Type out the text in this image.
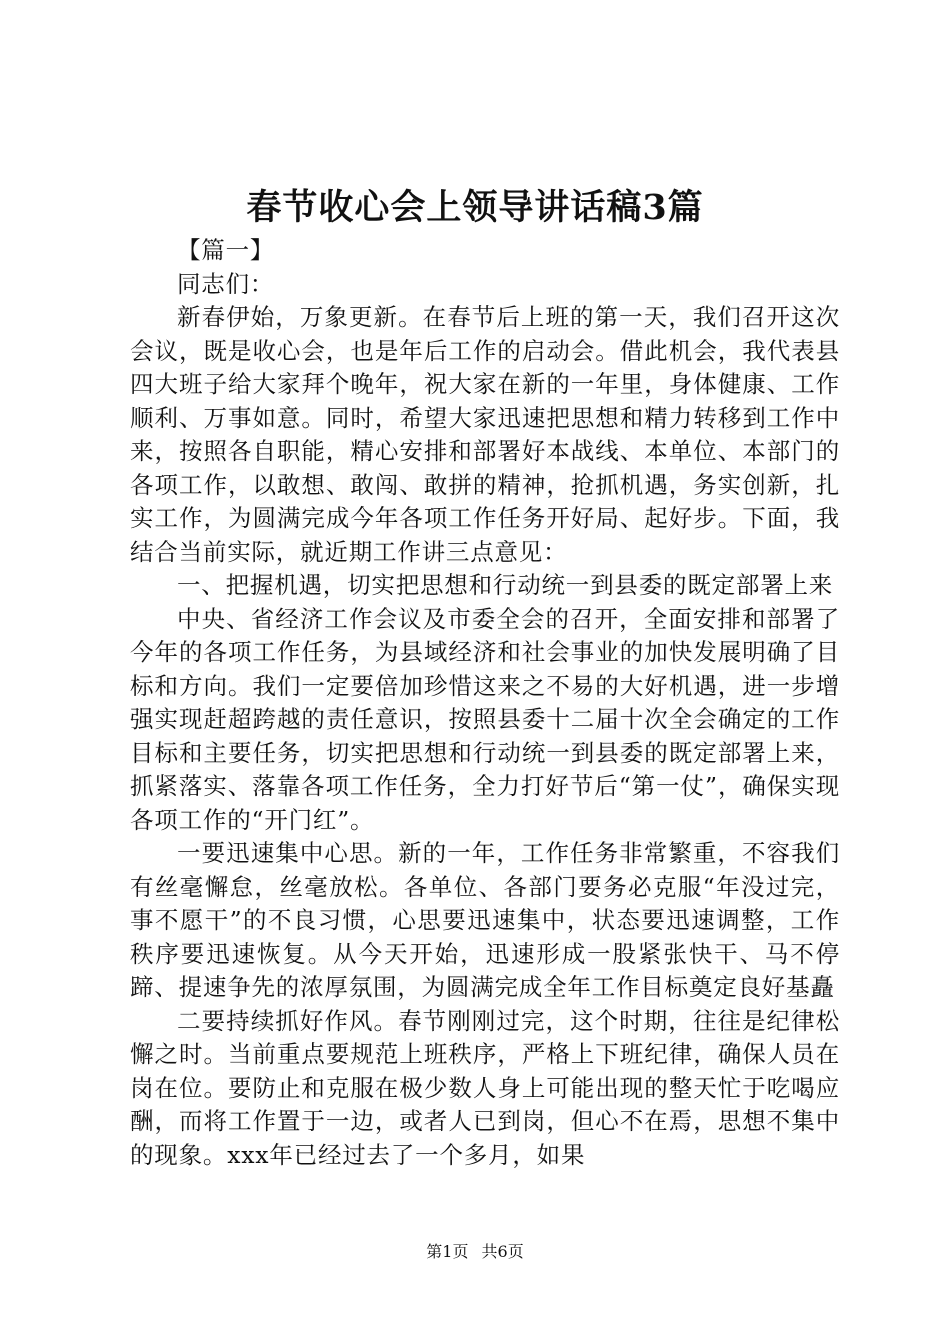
春节收心会上领导讲话稿3篇

【篇一】

同志们：

新春伊始，万象更新。在春节后上班的第一天，我们召开这次会议，既是收心会，也是年后工作的启动会。借此机会，我代表县四大班子给大家拜个晚年，祝大家在新的一年里，身体健康、工作顺利、万事如意。同时，希望大家迅速把思想和精力转移到工作中来，按照各自职能，精心安排和部署好本战线、本单位、本部门的各项工作，以敢想、敢闯、敢拼的精神，抢抓机遇，务实创新，扎实工作，为圆满完成今年各项工作任务开好局、起好步。下面，我结合当前实际，就近期工作讲三点意见：

一、把握机遇，切实把思想和行动统一到县委的既定部署上来

中央、省经济工作会议及市委全会的召开，全面安排和部署了今年的各项工作任务，为县域经济和社会事业的加快发展明确了目标和方向。我们一定要倍加珍惜这来之不易的大好机遇，进一步增强实现赶超跨越的责任意识，按照县委十二届十次全会确定的工作目标和主要任务，切实把思想和行动统一到县委的既定部署上来，抓紧落实、落靠各项工作任务，全力打好节后“第一仗”，确保实现各项工作的“开门红”。

一要迅速集中心思。新的一年，工作任务非常繁重，不容我们有丝毫懈怠，丝毫放松。各单位、各部门要务必克服“年没过完，事不愿干”的不良习惯，心思要迅速集中，状态要迅速调整，工作秩序要迅速恢复。从今天开始，迅速形成一股紧张快干、马不停蹄、提速争先的浓厚氛围，为圆满完成全年工作目标奠定良好基矗

二要持续抓好作风。春节刚刚过完，这个时期，往往是纪律松懈之时。当前重点要规范上班秩序，严格上下班纪律，确保人员在岗在位。要防止和克服在极少数人身上可能出现的整天忙于吃喝应酬，而将工作置于一边，或者人已到岗，但心不在焉，思想不集中的现象。xxx年已经过去了一个多月，如果

第1页 共6页
